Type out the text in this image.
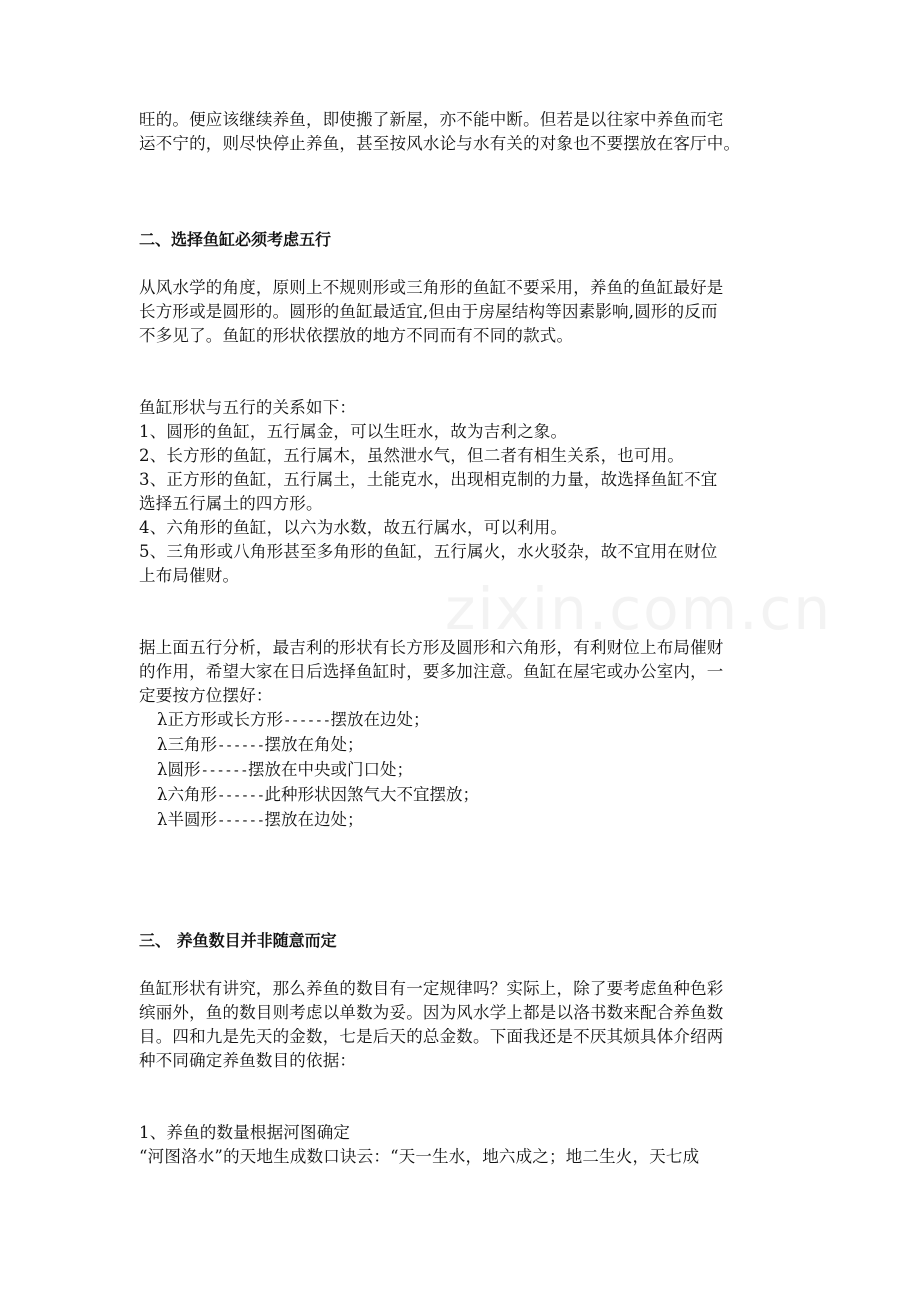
zixin.com.cn

旺的。便应该继续养鱼，即使搬了新屋，亦不能中断。但若是以往家中养鱼而宅
运不宁的，则尽快停止养鱼，甚至按风水论与水有关的对象也不要摆放在客厅中。

二、选择鱼缸必须考虑五行

从风水学的角度，原则上不规则形或三角形的鱼缸不要采用，养鱼的鱼缸最好是
长方形或是圆形的。圆形的鱼缸最适宜,但由于房屋结构等因素影响,圆形的反而
不多见了。鱼缸的形状依摆放的地方不同而有不同的款式。

鱼缸形状与五行的关系如下：
1、圆形的鱼缸，五行属金，可以生旺水，故为吉利之象。
2、长方形的鱼缸，五行属木，虽然泄水气，但二者有相生关系，也可用。
3、正方形的鱼缸，五行属土，土能克水，出现相克制的力量，故选择鱼缸不宜
选择五行属土的四方形。
4、六角形的鱼缸，以六为水数，故五行属水，可以利用。
5、三角形或八角形甚至多角形的鱼缸，五行属火，水火驳杂，故不宜用在财位
上布局催财。

据上面五行分析，最吉利的形状有长方形及圆形和六角形，有利财位上布局催财
的作用，希望大家在日后选择鱼缸时，要多加注意。鱼缸在屋宅或办公室内，一
定要按方位摆好：

λ正方形或长方形------摆放在边处；
λ三角形------摆放在角处；
λ圆形------摆放在中央或门口处；
λ六角形------此种形状因煞气大不宜摆放；
λ半圆形------摆放在边处；

三、 养鱼数目并非随意而定

鱼缸形状有讲究，那么养鱼的数目有一定规律吗？实际上，除了要考虑鱼种色彩
缤丽外，鱼的数目则考虑以单数为妥。因为风水学上都是以洛书数来配合养鱼数
目。四和九是先天的金数，七是后天的总金数。下面我还是不厌其烦具体介绍两
种不同确定养鱼数目的依据：

1、养鱼的数量根据河图确定
“河图洛水”的天地生成数口诀云：“天一生水，地六成之；地二生火，天七成
